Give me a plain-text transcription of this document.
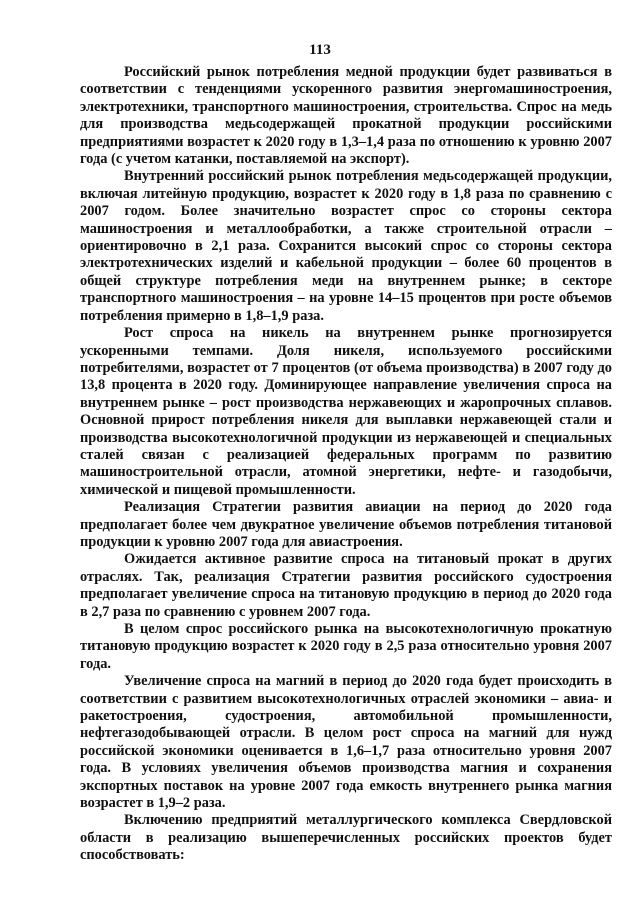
113

Российский рынок потребления медной продукции будет развиваться в соответствии с тенденциями ускоренного развития энергомашиностроения, электротехники, транспортного машиностроения, строительства. Спрос на медь для производства медьсодержащей прокатной продукции российскими предприятиями возрастет к 2020 году в 1,3–1,4 раза по отношению к уровню 2007 года (с учетом катанки, поставляемой на экспорт).

Внутренний российский рынок потребления медьсодержащей продукции, включая литейную продукцию, возрастет к 2020 году в 1,8 раза по сравнению с 2007 годом. Более значительно возрастет спрос со стороны сектора машиностроения и металлообработки, а также строительной отрасли – ориентировочно в 2,1 раза. Сохранится высокий спрос со стороны сектора электротехнических изделий и кабельной продукции – более 60 процентов в общей структуре потребления меди на внутреннем рынке; в секторе транспортного машиностроения – на уровне 14–15 процентов при росте объемов потребления примерно в 1,8–1,9 раза.

Рост спроса на никель на внутреннем рынке прогнозируется ускоренными темпами. Доля никеля, используемого российскими потребителями, возрастет от 7 процентов (от объема производства) в 2007 году до 13,8 процента в 2020 году. Доминирующее направление увеличения спроса на внутреннем рынке – рост производства нержавеющих и жаропрочных сплавов. Основной прирост потребления никеля для выплавки нержавеющей стали и производства высокотехнологичной продукции из нержавеющей и специальных сталей связан с реализацией федеральных программ по развитию машиностроительной отрасли, атомной энергетики, нефте- и газодобычи, химической и пищевой промышленности.

Реализация Стратегии развития авиации на период до 2020 года предполагает более чем двукратное увеличение объемов потребления титановой продукции к уровню 2007 года для авиастроения.

Ожидается активное развитие спроса на титановый прокат в других отраслях. Так, реализация Стратегии развития российского судостроения предполагает увеличение спроса на титановую продукцию в период до 2020 года в 2,7 раза по сравнению с уровнем 2007 года.

В целом спрос российского рынка на высокотехнологичную прокатную титановую продукцию возрастет к 2020 году в 2,5 раза относительно уровня 2007 года.

Увеличение спроса на магний в период до 2020 года будет происходить в соответствии с развитием высокотехнологичных отраслей экономики – авиа- и ракетостроения, судостроения, автомобильной промышленности, нефтегазодобывающей отрасли. В целом рост спроса на магний для нужд российской экономики оценивается в 1,6–1,7 раза относительно уровня 2007 года. В условиях увеличения объемов производства магния и сохранения экспортных поставок на уровне 2007 года емкость внутреннего рынка магния возрастет в 1,9–2 раза.

Включению предприятий металлургического комплекса Свердловской области в реализацию вышеперечисленных российских проектов будет способствовать:
